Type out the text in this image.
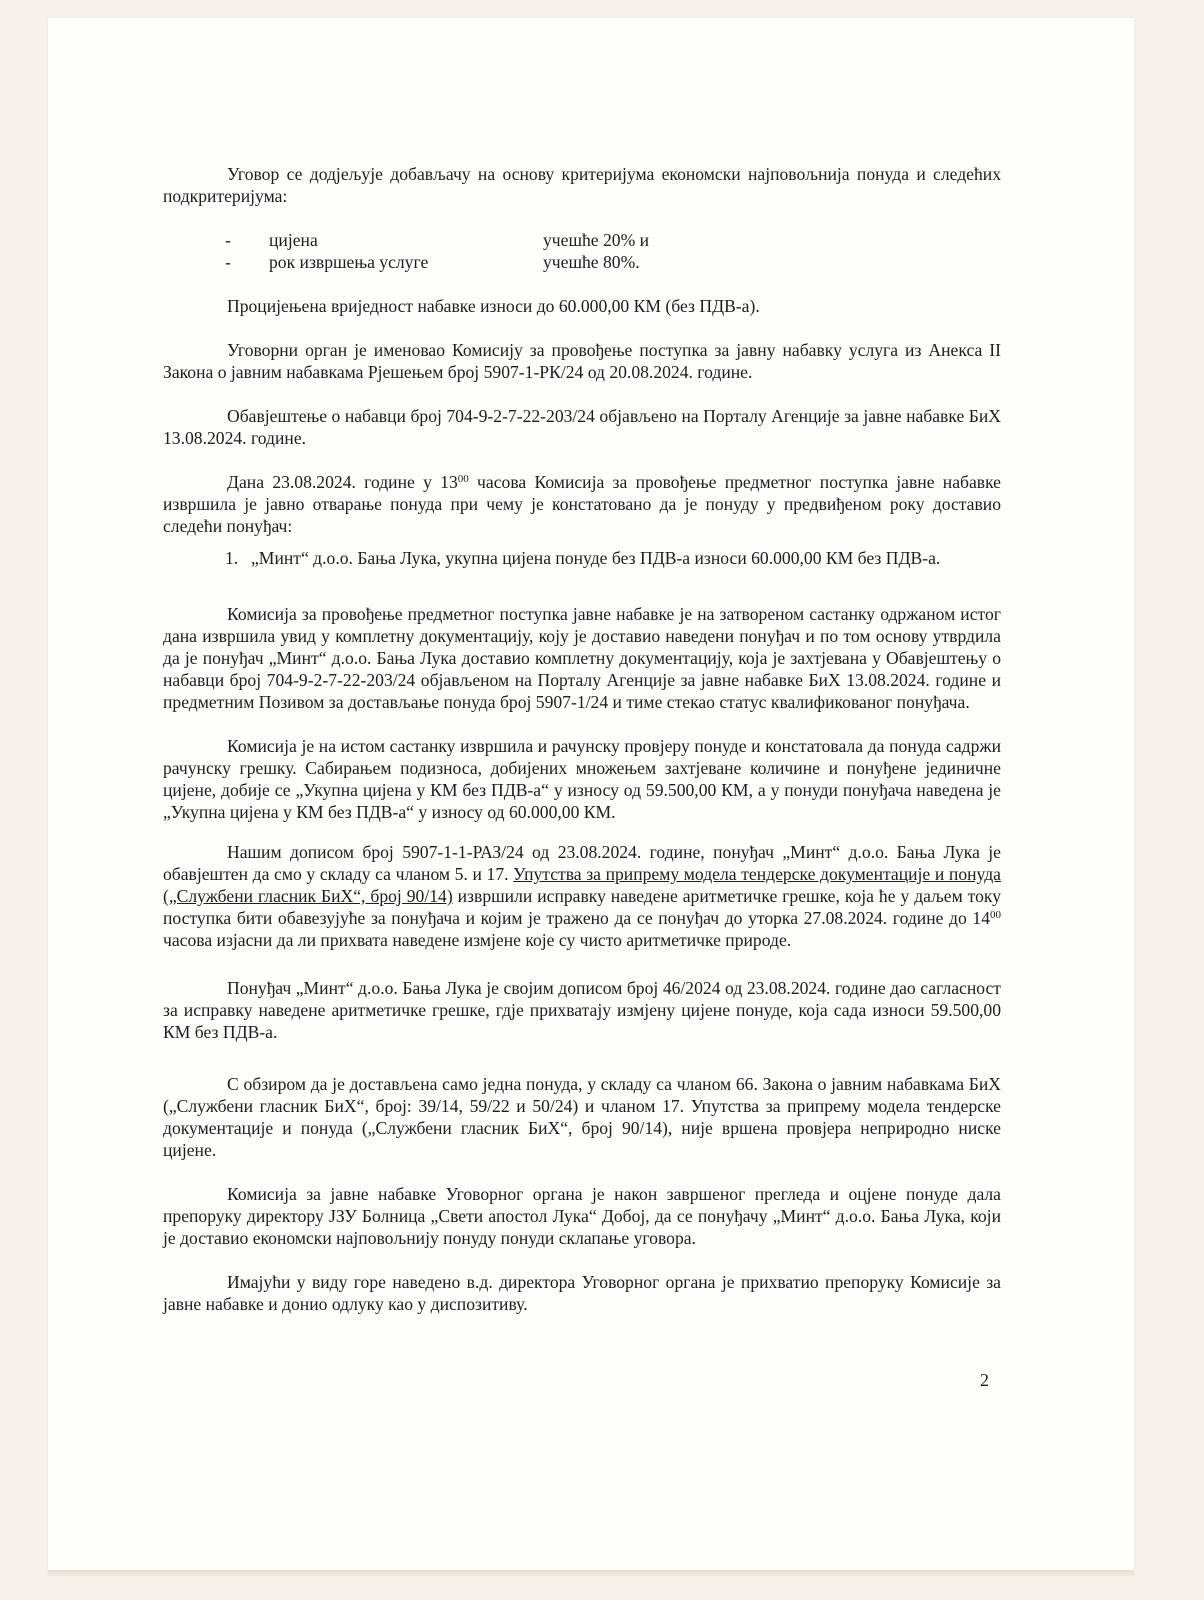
Уговор се додјељује добављачу на основу критеријума економски најповољнија понуда и следећих подкритеријума:

-	цијена	учешће 20% и
-	рок извршења услуге	учешће 80%.

Процијењена вриједност набавке износи до 60.000,00 КМ (без ПДВ-а).

Уговорни орган је именовао Комисију за провођење поступка за јавну набавку услуга из Анекса II Закона о јавним набавкама Рјешењем број 5907-1-РК/24 од 20.08.2024. године.

Обавјештење о набавци број 704-9-2-7-22-203/24 објављено на Порталу Агенције за јавне набавке БиХ 13.08.2024. године.

Дана 23.08.2024. године у $13^{00}$ часова Комисија за провођење предметног поступка јавне набавке извршила је јавно отварање понуда при чему је констатовано да је понуду у предвиђеном року доставио следећи понуђач:

1. „Минт“ д.о.о. Бања Лука, укупна цијена понуде без ПДВ-а износи 60.000,00 КМ без ПДВ-а.

Комисија за провођење предметног поступка јавне набавке је на затвореном састанку одржаном истог дана извршила увид у комплетну документацију, коју је доставио наведени понуђач и по том основу утврдила да је понуђач „Минт“ д.о.о. Бања Лука доставио комплетну документацију, која је захтјевана у Обавјештењу о набавци број 704-9-2-7-22-203/24 објављеном на Порталу Агенције за јавне набавке БиХ 13.08.2024. године и предметним Позивом за достављање понуда број 5907-1/24 и тиме стекао статус квалификованог понуђача.

Комисија је на истом састанку извршила и рачунску провјеру понуде и констатовала да понуда садржи рачунску грешку. Сабирањем подизноса, добијених множењем захтјеване количине и понуђене јединичне цијене, добије се „Укупна цијена у КМ без ПДВ-а“ у износу од 59.500,00 КМ, а у понуди понуђача наведена је „Укупна цијена у КМ без ПДВ-а“ у износу од 60.000,00 КМ.

Нашим дописом број 5907-1-1-РАЗ/24 од 23.08.2024. године, понуђач „Минт“ д.о.о. Бања Лука је обавјештен да смо у складу са чланом 5. и 17. Упутства за припрему модела тендерске документације и понуда („Службени гласник БиХ“, број 90/14) извршили исправку наведене аритметичке грешке, која ће у даљем току поступка бити обавезујуће за понуђача и којим је тражено да се понуђач до уторка 27.08.2024. године до $14^{00}$ часова изјасни да ли прихвата наведене измјене које су чисто аритметичке природе.

Понуђач „Минт“ д.о.о. Бања Лука је својим дописом број 46/2024 од 23.08.2024. године дао сагласност за исправку наведене аритметичке грешке, гдје прихватају измјену цијене понуде, која сада износи 59.500,00 КМ без ПДВ-а.

С обзиром да је достављена само једна понуда, у складу са чланом 66. Закона о јавним набавкама БиХ („Службени гласник БиХ“, број: 39/14, 59/22 и 50/24) и чланом 17. Упутства за припрему модела тендерске документације и понуда („Службени гласник БиХ“, број 90/14), није вршена провјера неприродно ниске цијене.

Комисија за јавне набавке Уговорног органа је након завршеног прегледа и оцјене понуде дала препоруку директору ЈЗУ Болница „Свети апостол Лука“ Добој, да се понуђачу „Минт“ д.о.о. Бања Лука, који је доставио економски најповољнију понуду понуди склапање уговора.

Имајући у виду горе наведено в.д. директора Уговорног органа је прихватио препоруку Комисије за јавне набавке и донио одлуку као у диспозитиву.

2
